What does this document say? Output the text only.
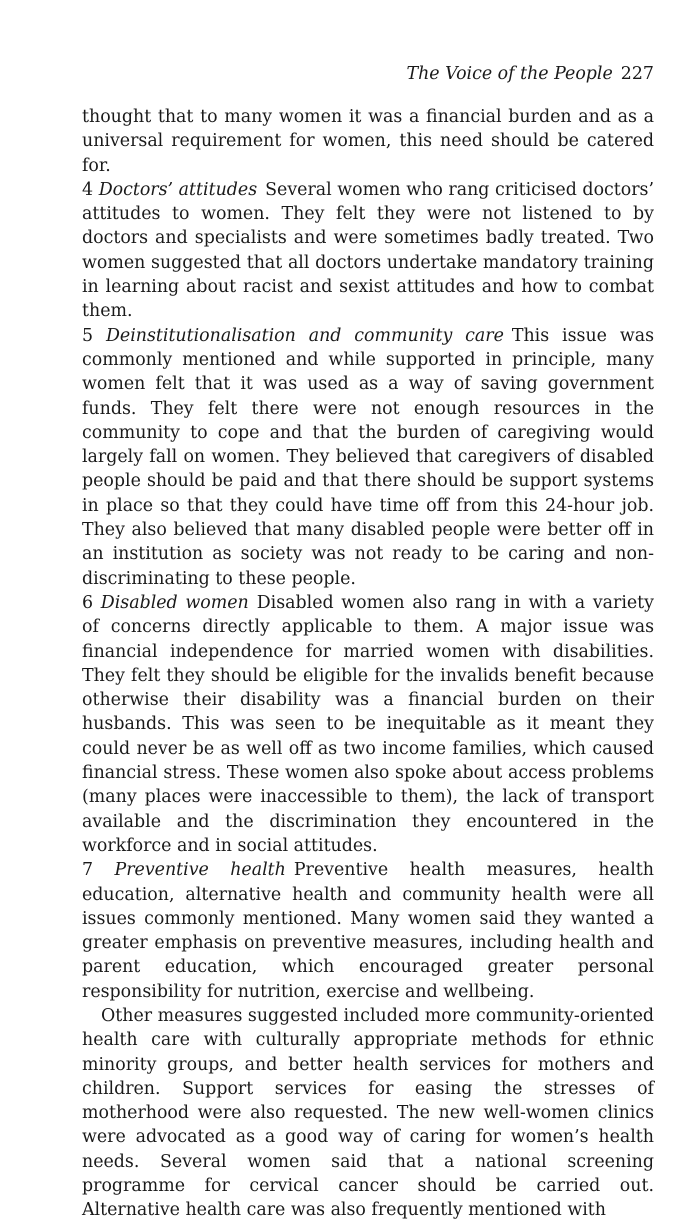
The Voice of the People 227

thought that to many women it was a financial burden and as a universal requirement for women, this need should be catered for.

4 Doctors’ attitudes Several women who rang criticised doctors’ attitudes to women. They felt they were not listened to by doctors and specialists and were sometimes badly treated. Two women suggested that all doctors undertake mandatory training in learning about racist and sexist attitudes and how to combat them.

5 Deinstitutionalisation and community care This issue was commonly mentioned and while supported in principle, many women felt that it was used as a way of saving government funds. They felt there were not enough resources in the community to cope and that the burden of caregiving would largely fall on women. They believed that caregivers of disabled people should be paid and that there should be support systems in place so that they could have time off from this 24-hour job. They also believed that many disabled people were better off in an institution as society was not ready to be caring and non-discriminating to these people.

6 Disabled women Disabled women also rang in with a variety of concerns directly applicable to them. A major issue was financial independence for married women with disabilities. They felt they should be eligible for the invalids benefit because otherwise their disability was a financial burden on their husbands. This was seen to be inequitable as it meant they could never be as well off as two income families, which caused financial stress. These women also spoke about access problems (many places were inaccessible to them), the lack of transport available and the discrimination they encountered in the workforce and in social attitudes.

7 Preventive health Preventive health measures, health education, alternative health and community health were all issues commonly mentioned. Many women said they wanted a greater emphasis on preventive measures, including health and parent education, which encouraged greater personal responsibility for nutrition, exercise and wellbeing.

Other measures suggested included more community-oriented health care with culturally appropriate methods for ethnic minority groups, and better health services for mothers and children. Support services for easing the stresses of motherhood were also requested. The new well-women clinics were advocated as a good way of caring for women’s health needs. Several women said that a national screening programme for cervical cancer should be carried out. Alternative health care was also frequently mentioned with
